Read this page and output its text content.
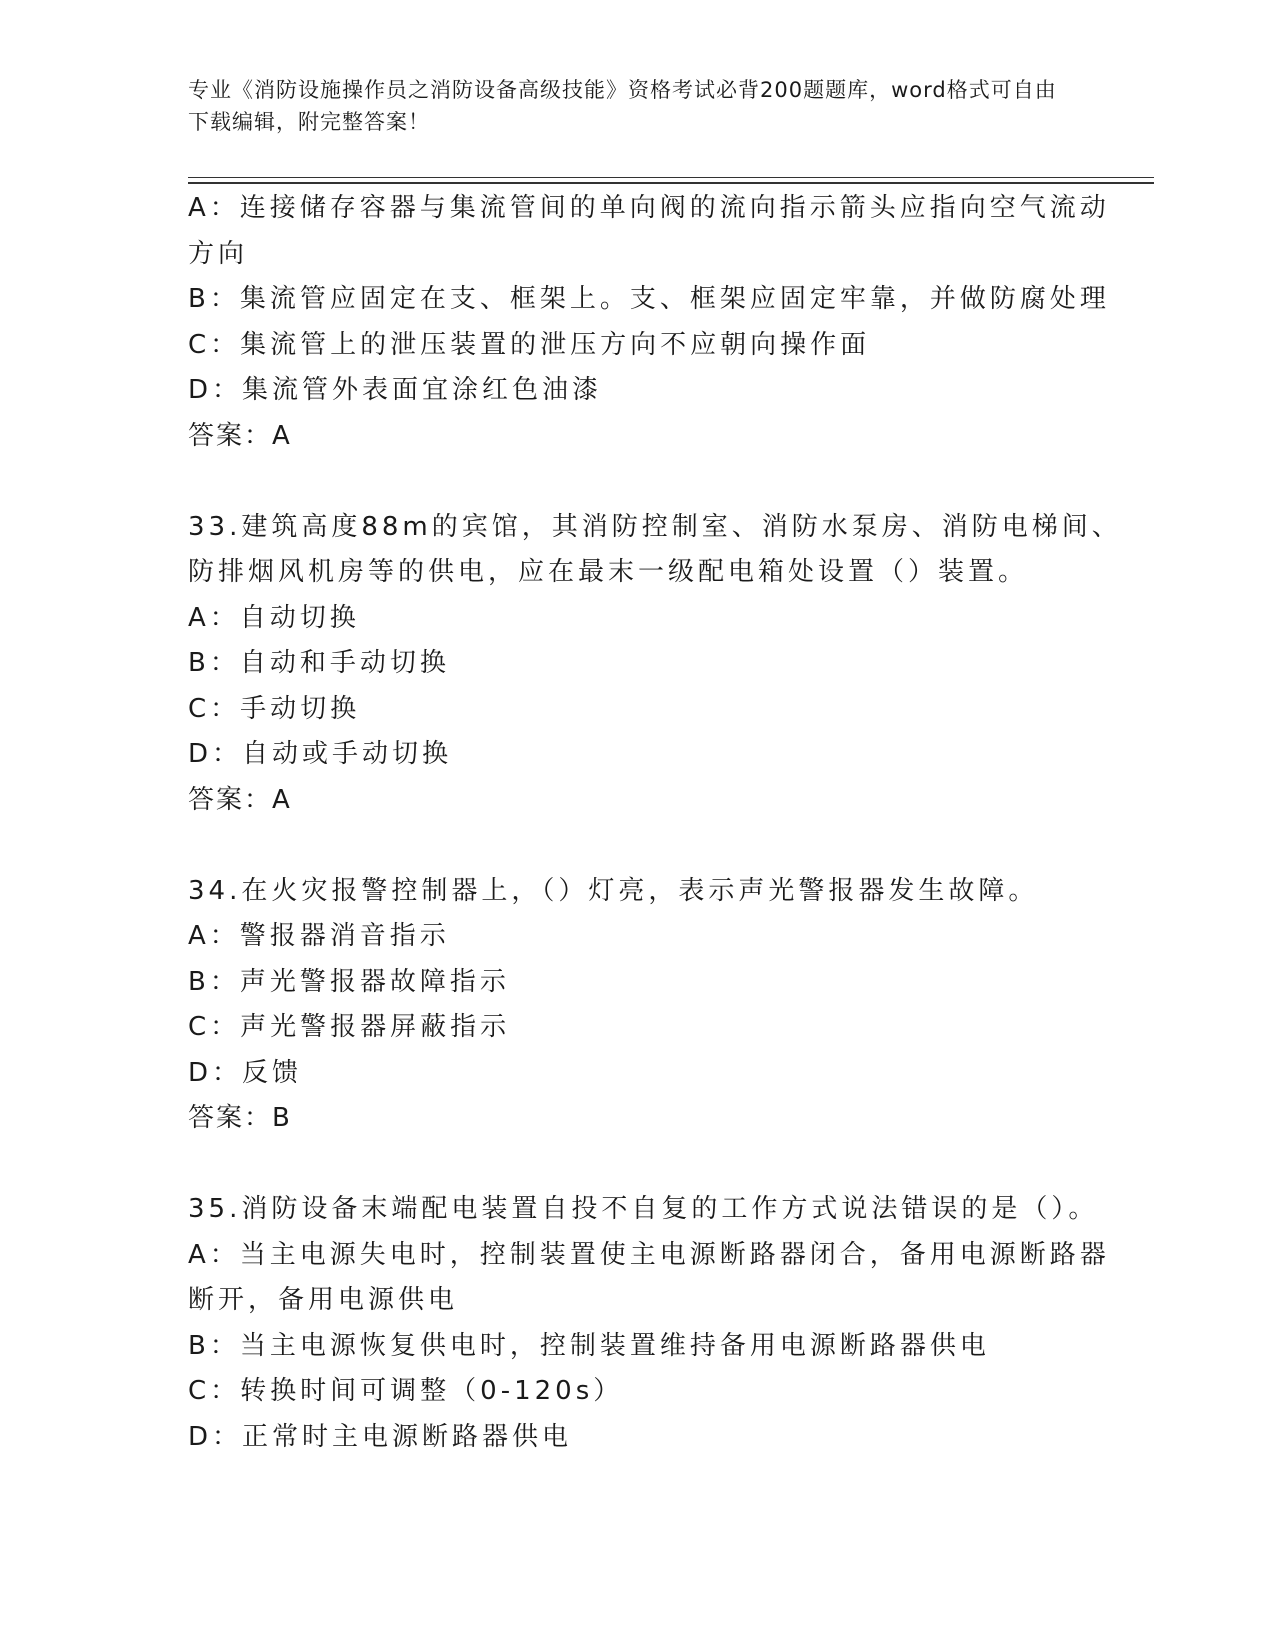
专业《消防设施操作员之消防设备高级技能》资格考试必背200题题库，word格式可自由下载编辑，附完整答案！
A：连接储存容器与集流管间的单向阀的流向指示箭头应指向空气流动
方向
B：集流管应固定在支、框架上。支、框架应固定牢靠，并做防腐处理
C：集流管上的泄压装置的泄压方向不应朝向操作面
D：集流管外表面宜涂红色油漆
答案：A
33.建筑高度88m的宾馆，其消防控制室、消防水泵房、消防电梯间、
防排烟风机房等的供电，应在最末一级配电箱处设置（）装置。
A：自动切换
B：自动和手动切换
C：手动切换
D：自动或手动切换
答案：A
34.在火灾报警控制器上，（）灯亮，表示声光警报器发生故障。
A：警报器消音指示
B：声光警报器故障指示
C：声光警报器屏蔽指示
D：反馈
答案：B
35.消防设备末端配电装置自投不自复的工作方式说法错误的是（）。
A：当主电源失电时，控制装置使主电源断路器闭合，备用电源断路器
断开，备用电源供电
B：当主电源恢复供电时，控制装置维持备用电源断路器供电
C：转换时间可调整（0-120s）
D：正常时主电源断路器供电
